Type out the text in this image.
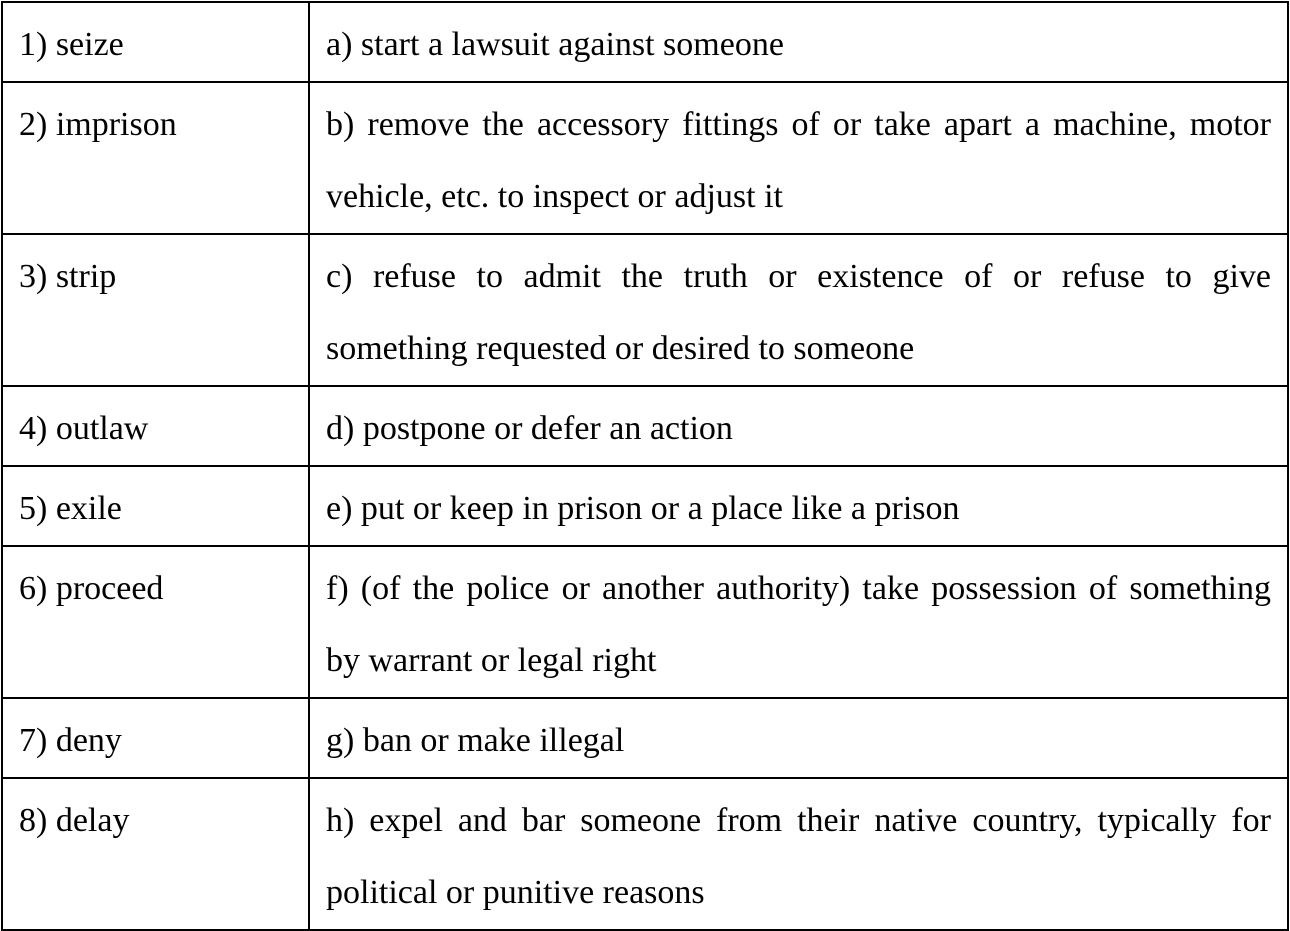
1) seize	a) start a lawsuit against someone
2) imprison	b) remove the accessory fittings of or take apart a machine, motor vehicle, etc. to inspect or adjust it
3) strip	c) refuse to admit the truth or existence of or refuse to give something requested or desired to someone
4) outlaw	d) postpone or defer an action
5) exile	e) put or keep in prison or a place like a prison
6) proceed	f) (of the police or another authority) take possession of something by warrant or legal right
7) deny	g) ban or make illegal
8) delay	h) expel and bar someone from their native country, typically for political or punitive reasons
